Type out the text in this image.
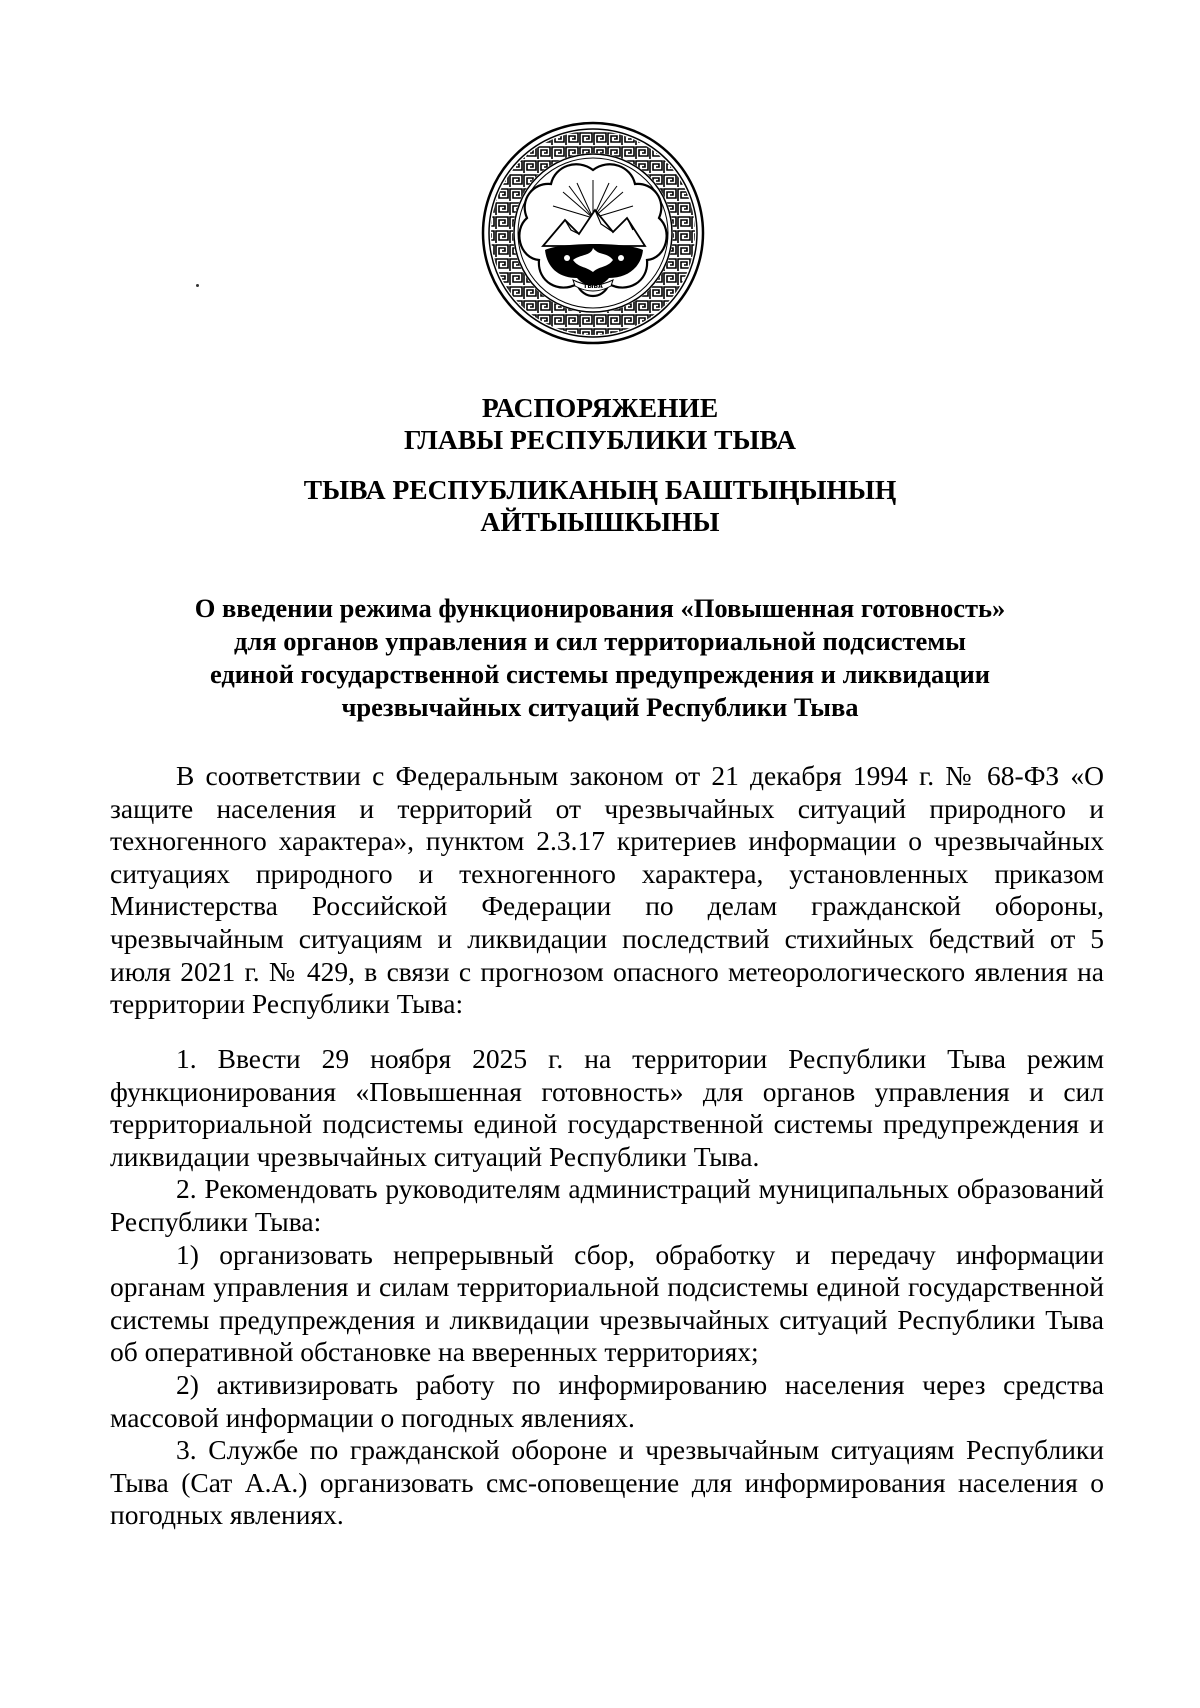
ТЫВА
РАСПОРЯЖЕНИЕ
ГЛАВЫ РЕСПУБЛИКИ ТЫВА
ТЫВА РЕСПУБЛИКАНЫҢ БАШТЫҢЫНЫҢ
АЙТЫЫШКЫНЫ
О введении режима функционирования «Повышенная готовность»
для органов управления и сил территориальной подсистемы
единой государственной системы предупреждения и ликвидации
чрезвычайных ситуаций Республики Тыва

В соответствии с Федеральным законом от 21 декабря 1994 г. № 68-ФЗ «О защите населения и территорий от чрезвычайных ситуаций природного и техногенного характера», пунктом 2.3.17 критериев информации о чрезвычайных ситуациях природного и техногенного характера, установленных приказом Министерства Российской Федерации по делам гражданской обороны, чрезвычайным ситуациям и ликвидации последствий стихийных бедствий от 5 июля 2021 г. № 429, в связи с прогнозом опасного метеорологического явления на территории Республики Тыва:

1. Ввести 29 ноября 2025 г. на территории Республики Тыва режим функционирования «Повышенная готовность» для органов управления и сил территориальной подсистемы единой государственной системы предупреждения и ликвидации чрезвычайных ситуаций Республики Тыва.

2. Рекомендовать руководителям администраций муниципальных образований Республики Тыва:

1) организовать непрерывный сбор, обработку и передачу информации органам управления и силам территориальной подсистемы единой государственной системы предупреждения и ликвидации чрезвычайных ситуаций Республики Тыва об оперативной обстановке на вверенных территориях;

2) активизировать работу по информированию населения через средства массовой информации о погодных явлениях.

3. Службе по гражданской обороне и чрезвычайным ситуациям Республики Тыва (Сат А.А.) организовать смс-оповещение для информирования населения о погодных явлениях.
